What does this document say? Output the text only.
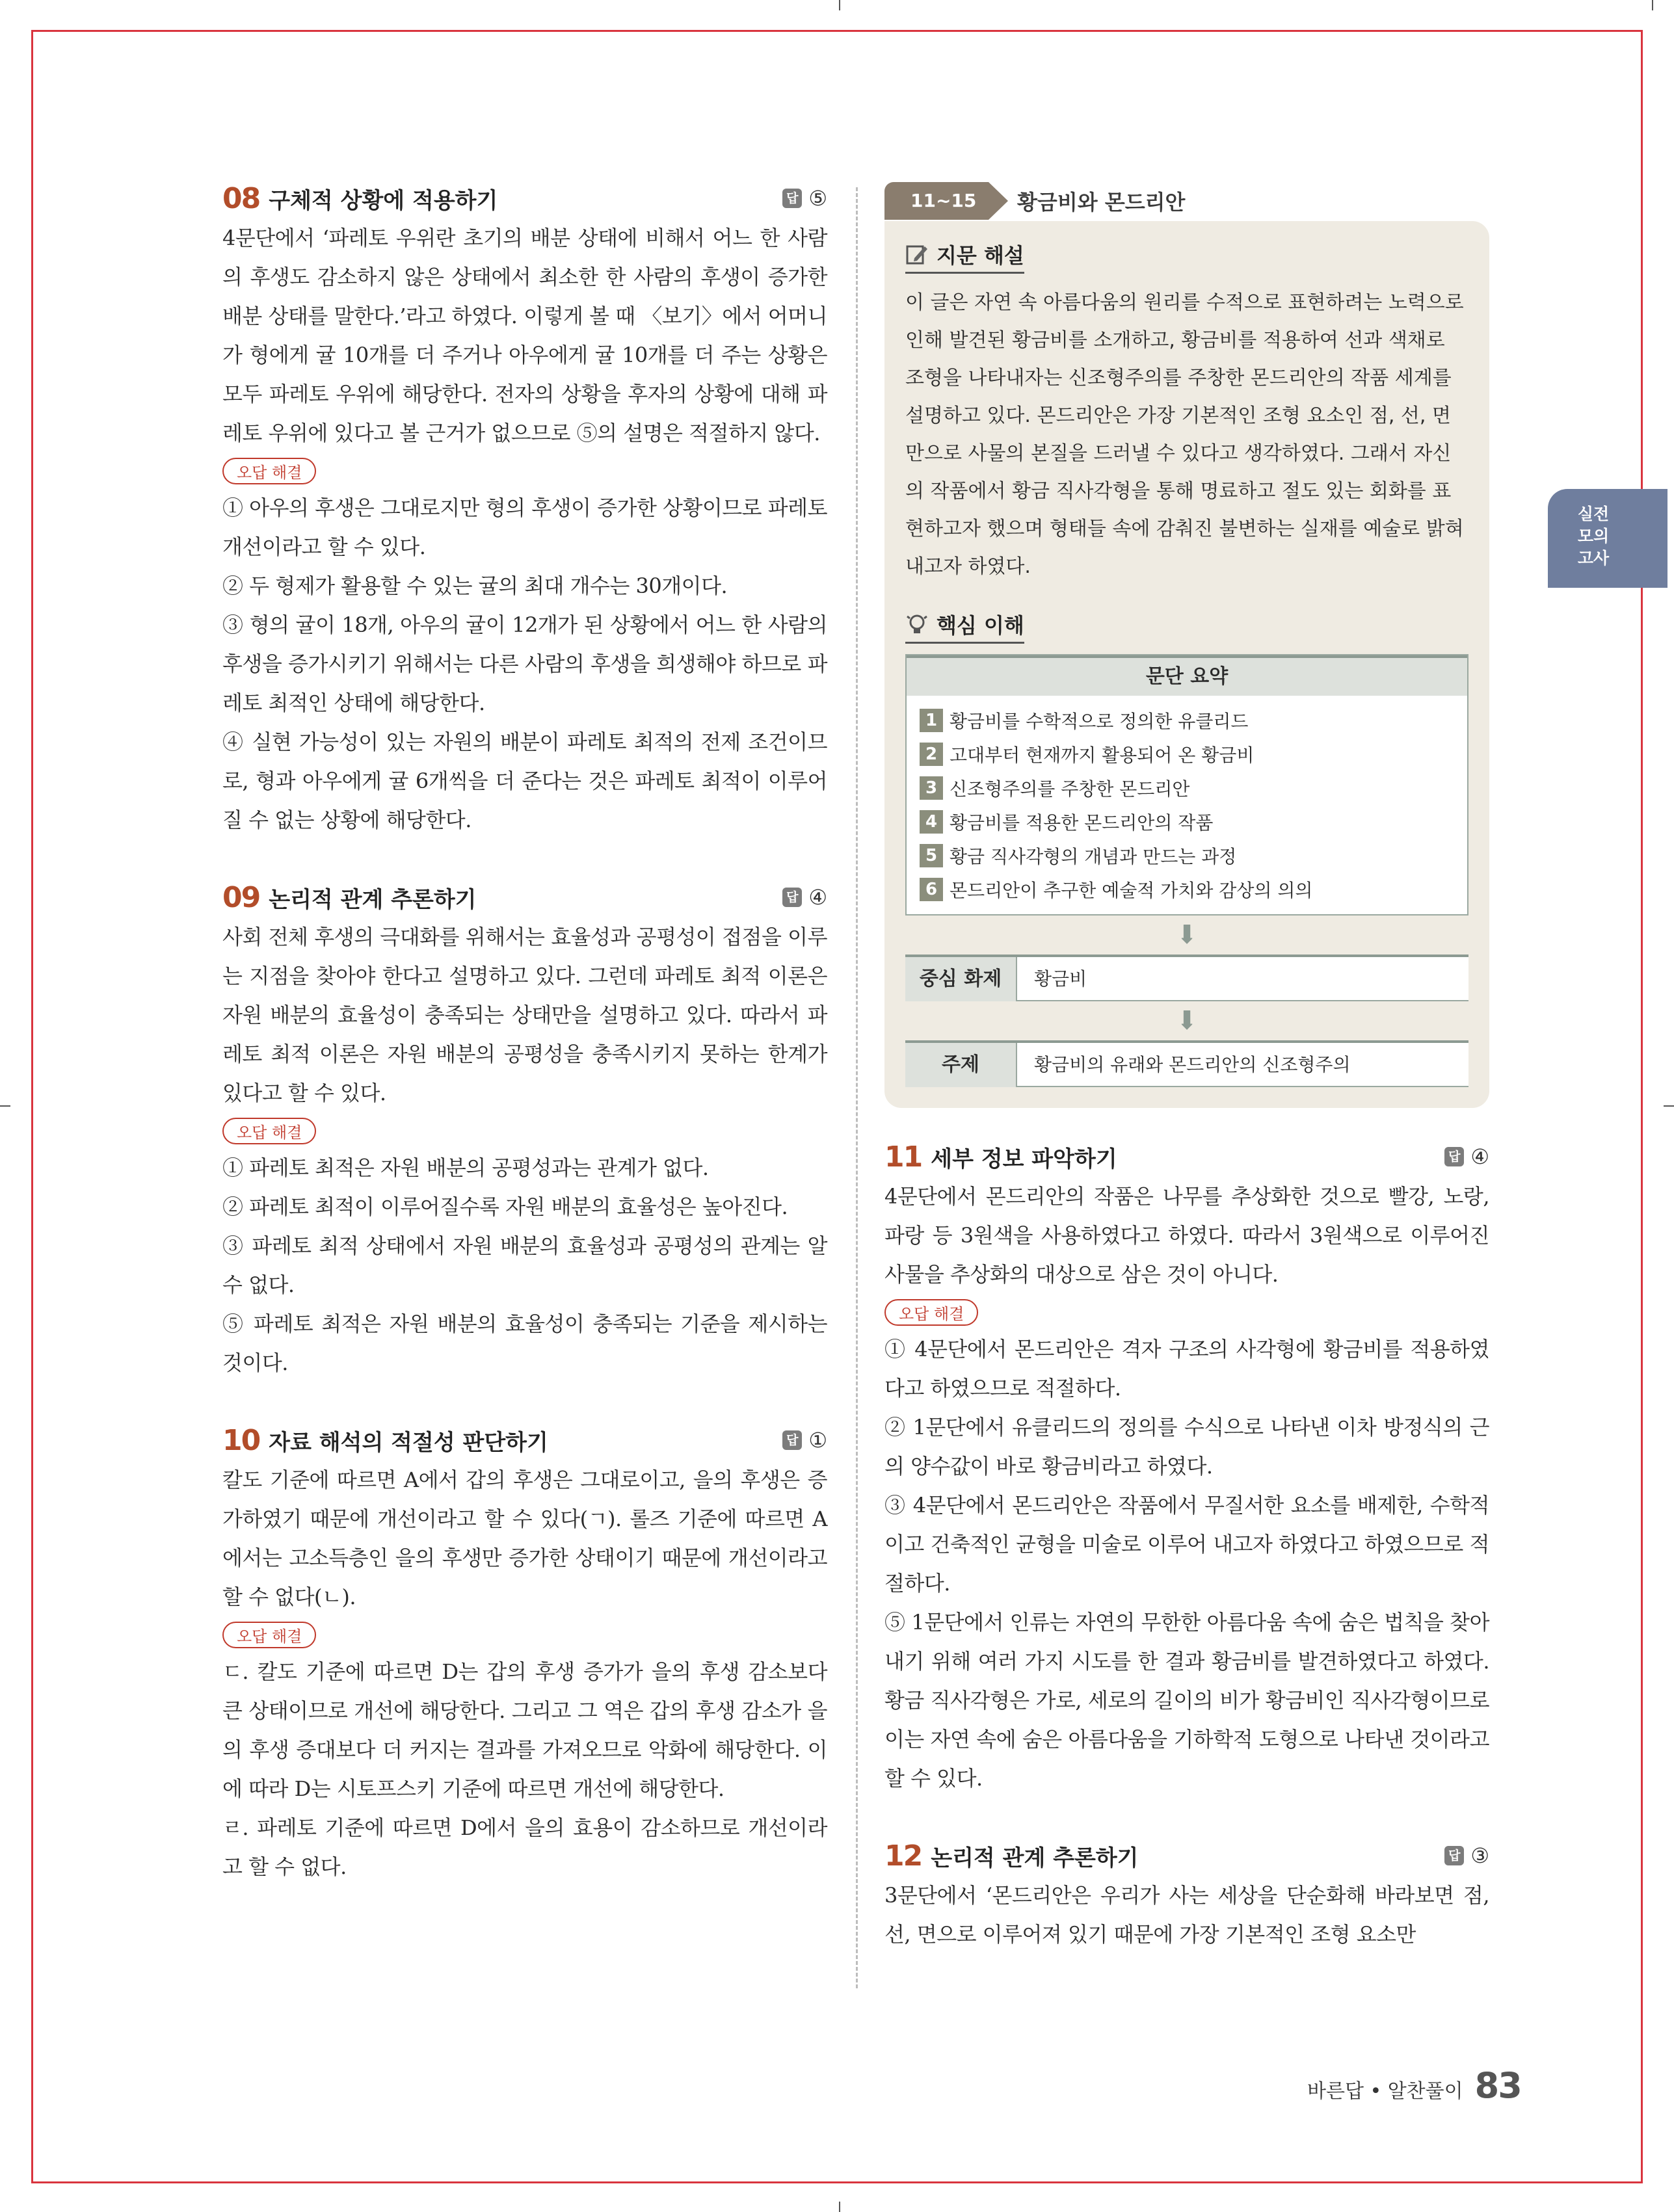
08 구체적 상황에 적용하기	답 ⑤
4문단에서 ‘파레토 우위란 초기의 배분 상태에 비해서 어느 한 사람의 후생도 감소하지 않은 상태에서 최소한 한 사람의 후생이 증가한 배분 상태를 말한다.’라고 하였다. 이렇게 볼 때 〈보기〉에서 어머니가 형에게 귤 10개를 더 주거나 아우에게 귤 10개를 더 주는 상황은 모두 파레토 우위에 해당한다. 전자의 상황을 후자의 상황에 대해 파레토 우위에 있다고 볼 근거가 없으므로 ⑤의 설명은 적절하지 않다.
오답 해결

① 아우의 후생은 그대로지만 형의 후생이 증가한 상황이므로 파레토 개선이라고 할 수 있다.

② 두 형제가 활용할 수 있는 귤의 최대 개수는 30개이다.

③ 형의 귤이 18개, 아우의 귤이 12개가 된 상황에서 어느 한 사람의 후생을 증가시키기 위해서는 다른 사람의 후생을 희생해야 하므로 파레토 최적인 상태에 해당한다.

④ 실현 가능성이 있는 자원의 배분이 파레토 최적의 전제 조건이므로, 형과 아우에게 귤 6개씩을 더 준다는 것은 파레토 최적이 이루어질 수 없는 상황에 해당한다.

09 논리적 관계 추론하기	답 ④
사회 전체 후생의 극대화를 위해서는 효율성과 공평성이 접점을 이루는 지점을 찾아야 한다고 설명하고 있다. 그런데 파레토 최적 이론은 자원 배분의 효율성이 충족되는 상태만을 설명하고 있다. 따라서 파레토 최적 이론은 자원 배분의 공평성을 충족시키지 못하는 한계가 있다고 할 수 있다.
오답 해결

① 파레토 최적은 자원 배분의 공평성과는 관계가 없다.

② 파레토 최적이 이루어질수록 자원 배분의 효율성은 높아진다.

③ 파레토 최적 상태에서 자원 배분의 효율성과 공평성의 관계는 알 수 없다.

⑤ 파레토 최적은 자원 배분의 효율성이 충족되는 기준을 제시하는 것이다.

10 자료 해석의 적절성 판단하기	답 ①
칼도 기준에 따르면 A에서 갑의 후생은 그대로이고, 을의 후생은 증가하였기 때문에 개선이라고 할 수 있다(ㄱ). 롤즈 기준에 따르면 A에서는 고소득층인 을의 후생만 증가한 상태이기 때문에 개선이라고 할 수 없다(ㄴ).
오답 해결

ㄷ. 칼도 기준에 따르면 D는 갑의 후생 증가가 을의 후생 감소보다 큰 상태이므로 개선에 해당한다. 그리고 그 역은 갑의 후생 감소가 을의 후생 증대보다 더 커지는 결과를 가져오므로 악화에 해당한다. 이에 따라 D는 시토프스키 기준에 따르면 개선에 해당한다.

ㄹ. 파레토 기준에 따르면 D에서 을의 효용이 감소하므로 개선이라고 할 수 없다.

11~15	황금비와 몬드리안
지문 해설
이 글은 자연 속 아름다움의 원리를 수적으로 표현하려는 노력으로 인해 발견된 황금비를 소개하고, 황금비를 적용하여 선과 색채로 조형을 나타내자는 신조형주의를 주창한 몬드리안의 작품 세계를 설명하고 있다. 몬드리안은 가장 기본적인 조형 요소인 점, 선, 면만으로 사물의 본질을 드러낼 수 있다고 생각하였다. 그래서 자신의 작품에서 황금 직사각형을 통해 명료하고 절도 있는 회화를 표현하고자 했으며 형태들 속에 감춰진 불변하는 실재를 예술로 밝혀내고자 하였다.
핵심 이해
문단 요약
1 황금비를 수학적으로 정의한 유클리드
2 고대부터 현재까지 활용되어 온 황금비
3 신조형주의를 주창한 몬드리안
4 황금비를 적용한 몬드리안의 작품
5 황금 직사각형의 개념과 만드는 과정
6 몬드리안이 추구한 예술적 가치와 감상의 의의
⬇
중심 화제	황금비
⬇
주제	황금비의 유래와 몬드리안의 신조형주의
11 세부 정보 파악하기	답 ④
4문단에서 몬드리안의 작품은 나무를 추상화한 것으로 빨강, 노랑, 파랑 등 3원색을 사용하였다고 하였다. 따라서 3원색으로 이루어진 사물을 추상화의 대상으로 삼은 것이 아니다.
오답 해결

① 4문단에서 몬드리안은 격자 구조의 사각형에 황금비를 적용하였다고 하였으므로 적절하다.

② 1문단에서 유클리드의 정의를 수식으로 나타낸 이차 방정식의 근의 양수값이 바로 황금비라고 하였다.

③ 4문단에서 몬드리안은 작품에서 무질서한 요소를 배제한, 수학적이고 건축적인 균형을 미술로 이루어 내고자 하였다고 하였으므로 적절하다.

⑤ 1문단에서 인류는 자연의 무한한 아름다움 속에 숨은 법칙을 찾아내기 위해 여러 가지 시도를 한 결과 황금비를 발견하였다고 하였다. 황금 직사각형은 가로, 세로의 길이의 비가 황금비인 직사각형이므로 이는 자연 속에 숨은 아름다움을 기하학적 도형으로 나타낸 것이라고 할 수 있다.

12 논리적 관계 추론하기	답 ③
3문단에서 ‘몬드리안은 우리가 사는 세상을 단순화해 바라보면 점, 선, 면으로 이루어져 있기 때문에 가장 기본적인 조형 요소만
실전
모의
고사
바른답 • 알찬풀이 83
